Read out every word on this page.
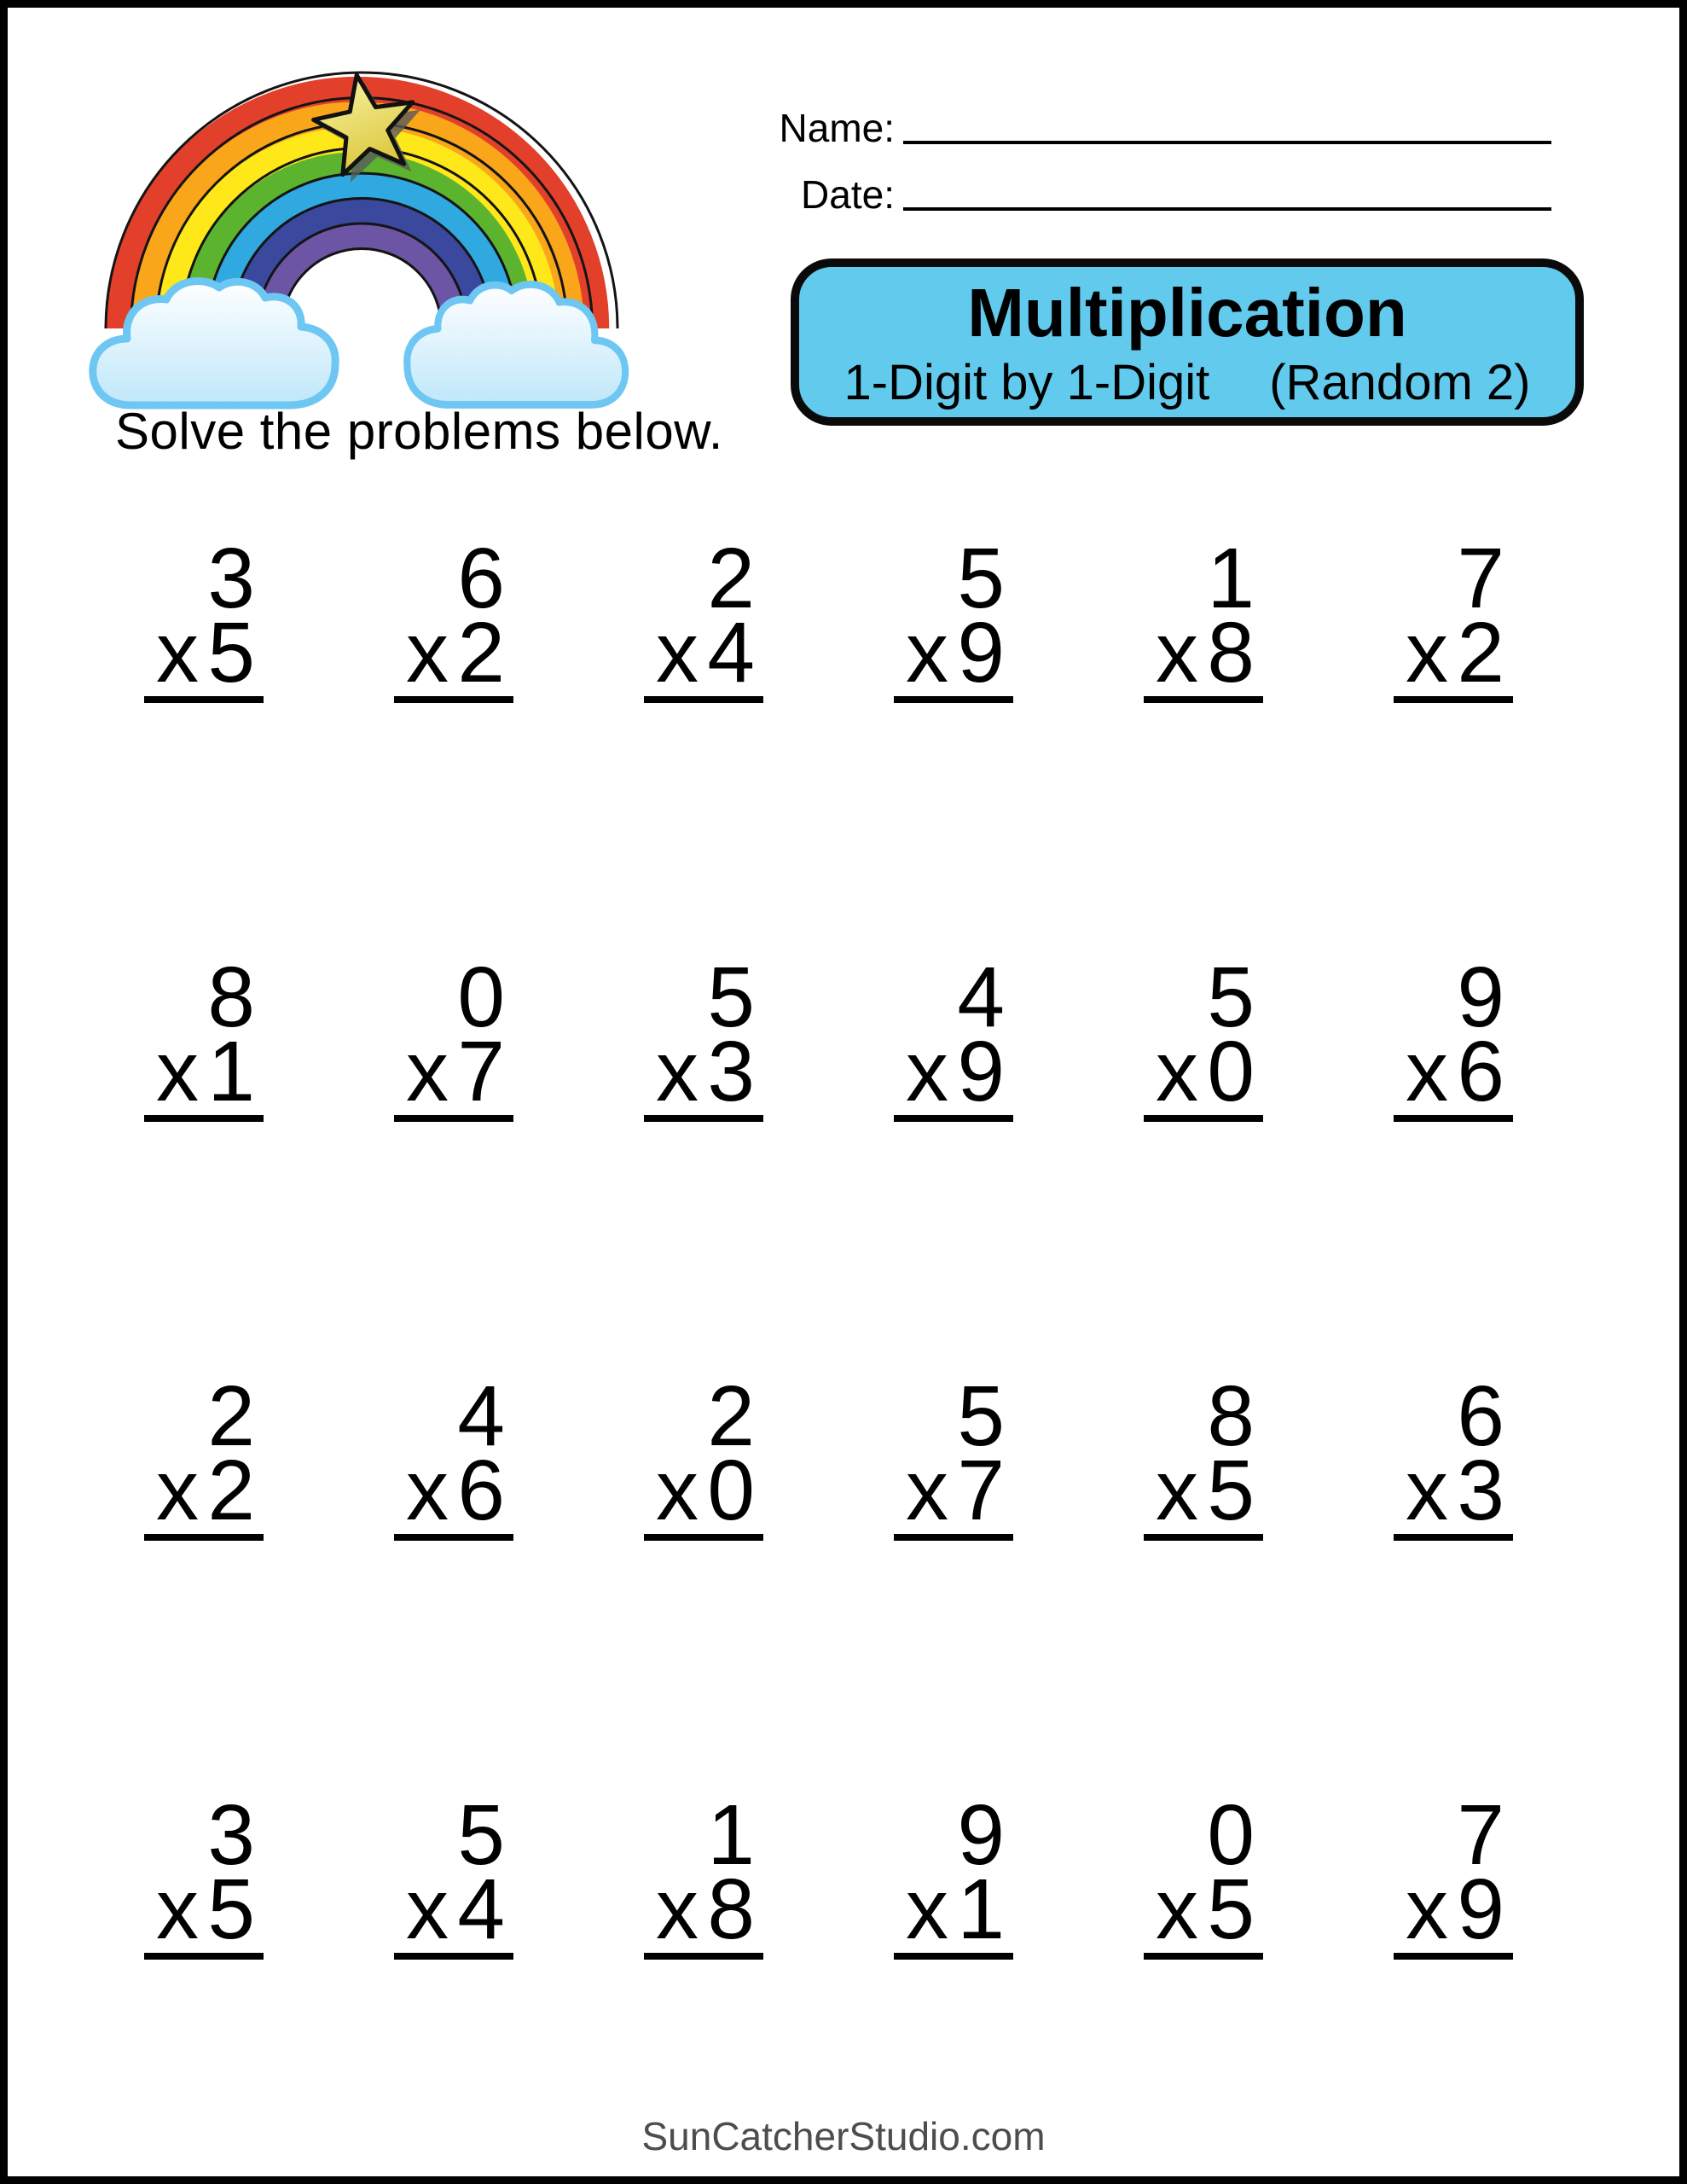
Solve the problems below.
Name:
Date:
Multiplication
1-Digit by 1-Digit (Random 2)
3
x 5
6
x 2
2
x 4
5
x 9
1
x 8
7
x 2
8
x 1
0
x 7
5
x 3
4
x 9
5
x 0
9
x 6
2
x 2
4
x 6
2
x 0
5
x 7
8
x 5
6
x 3
3
x 5
5
x 4
1
x 8
9
x 1
0
x 5
7
x 9
SunCatcherStudio.com
